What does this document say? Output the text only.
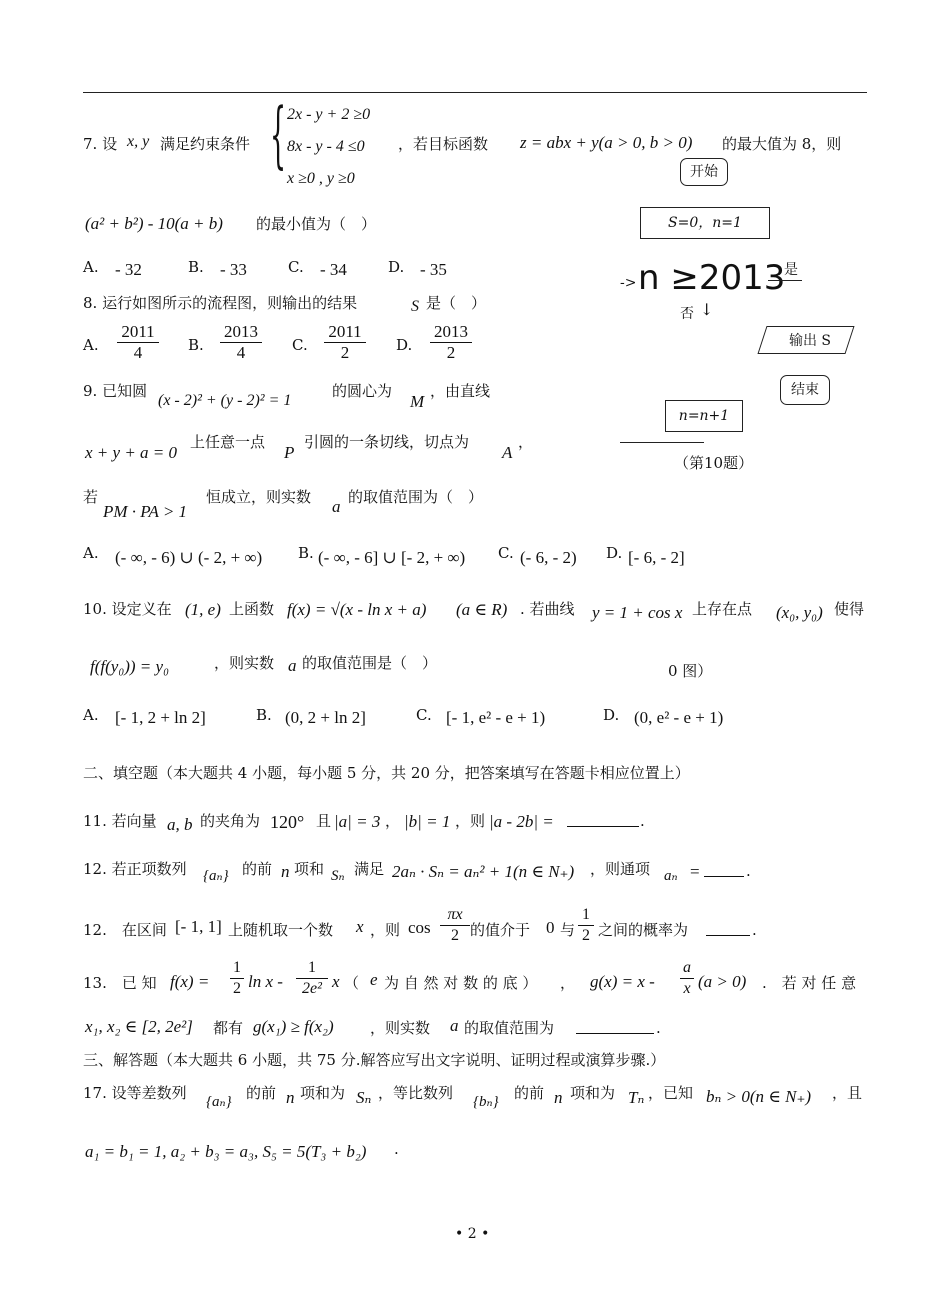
7. 设 x, y 满足约束条件 { 2x - y + 2 ≥0
8x - y - 4 ≤0
x ≥0 , y ≥0
，若目标函数 z = abx + y(a > 0, b > 0) 的最大值为 8，则
(a² + b²) - 10(a + b) 的最小值为（　）
A. - 32	B. - 33	C. - 34	D. - 35
8. 运行如图所示的流程图，则输出的结果	S 是（　）
A. $\frac{2011}{4} B$. $\frac{2013}{4} C$. $\frac{2011}{2} D$. $\frac{2013}{2}$
9. 已知圆
(x - 2)² + (y - 2)² = 1
的圆心为
M
，由直线
x + y + a = 0
上任意一点
P
引圆的一条切线，切点为
A
，
若
PM · PA > 1
恒成立，则实数 a 的取值范围为（　）
A. (- ∞, - 6) ∪ (- 2, + ∞) B. (- ∞, - 6] ∪ [- 2, + ∞) C. (- 6, - 2) D. [- 6, - 2]
10. 设定义在 (1, e) 上函数 f(x) = √(x - ln x + a) (a ∈ R) . 若曲线 y = 1 + cos x 上存在点 (x₀, y₀) 使得
f(f(y₀)) = y₀	，则实数 a 的取值范围是（　）	0 图）
A. [- 1, 2 + ln 2]	B. (0, 2 + ln 2]	C. [- 1, e² - e + 1)	D. (0, e² - e + 1)
二、填空题（本大题共 4 小题，每小题 5 分，共 20 分，把答案填写在答题卡相应位置上）
11. 若向量 a, b 的夹角为 120° 且 |a| = 3 ， |b| = 1 ，则 |a - 2b| =	.
12. 若正项数列 {aₙ} 的前 n 项和 Sₙ 满足 2aₙ · Sₙ = aₙ² + 1(n ∈ N₊) ，则通项 aₙ =	.
12.　在区间 [- 1, 1] 上随机取一个数 x ，则 $\cos \frac{\pi x}{2}$ 的值介于 0 与 $\frac{1}{2}$ 之间的概率为	.
13.　已 知 $f(x) = \frac{1}{2}$ ln x - $\frac{1}{\text{2e²}}$ x （ e 为 自 然 对 数 的 底 ） ， $g(x) = x - \frac{a}{x} (a > 0)$ .　若 对 任 意
x₁, x₂ ∈ [2, 2e²] 都有 g(x₁) ≥ f(x₂) ，则实数 a 的取值范围为	.
三、解答题（本大题共 6 小题，共 75 分.解答应写出文字说明、证明过程或演算步骤.）
17. 设等差数列 {aₙ} 的前 n 项和为 Sₙ ，等比数列 {bₙ} 的前 n 项和为 Tₙ ，已知 bₙ > 0(n ∈ N₊) ，且
a₁ = b₁ = 1, a₂ + b₃ = a₃, S₅ = 5(T₃ + b₂) .
开始
S=0，n=1
-> n ≥2013
是
否 ↓
输出 S
结束
n=n+1
（第10题）
• 2 •
